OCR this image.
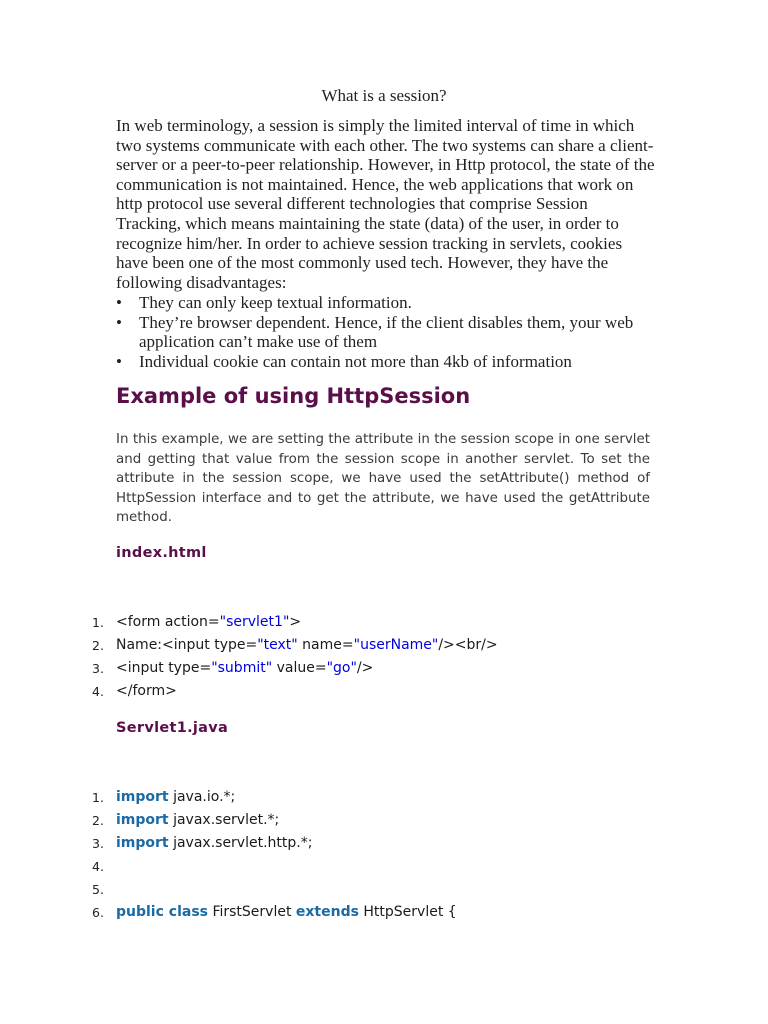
What is a session?

In web terminology, a session is simply the limited interval of time in which two systems communicate with each other. The two systems can share a client-server or a peer-to-peer relationship. However, in Http protocol, the state of the communication is not maintained. Hence, the web applications that work on http protocol use several different technologies that comprise Session Tracking, which means maintaining the state (data) of the user, in order to recognize him/her. In order to achieve session tracking in servlets, cookies have been one of the most commonly used tech. However, they have the following disadvantages:

• They can only keep textual information.
• They’re browser dependent. Hence, if the client disables them, your web application can’t make use of them
• Individual cookie can contain not more than 4kb of information
Example of using HttpSession

In this example, we are setting the attribute in the session scope in one servlet and getting that value from the session scope in another servlet. To set the attribute in the session scope, we have used the setAttribute() method of HttpSession interface and to get the attribute, we have used the getAttribute method.

index.html
1. <form action="servlet1">
2. Name:<input type="text" name="userName"/><br/>
3. <input type="submit" value="go"/>
4. </form>
Servlet1.java
1. import java.io.*;
2. import javax.servlet.*;
3. import javax.servlet.http.*;
4.
5.
6. public class FirstServlet extends HttpServlet {
